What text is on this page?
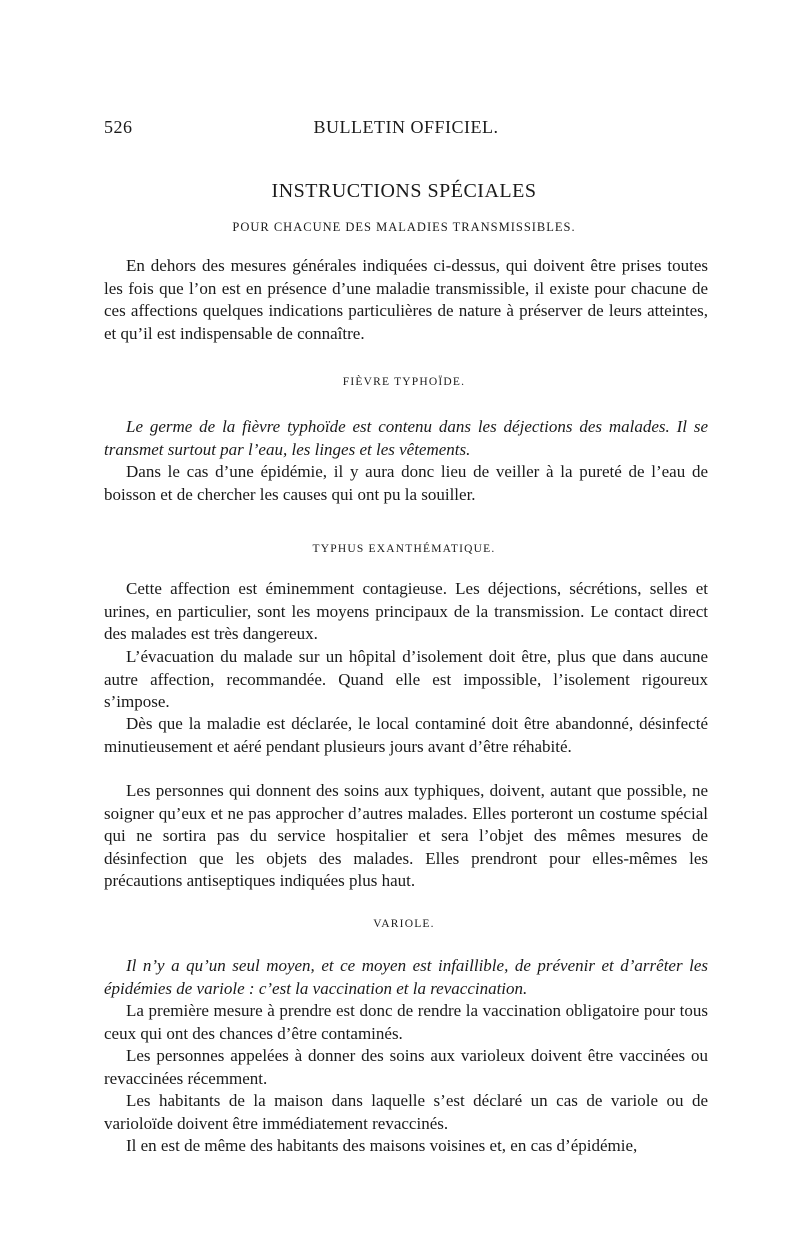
526	BULLETIN OFFICIEL.
INSTRUCTIONS SPÉCIALES
POUR CHACUNE DES MALADIES TRANSMISSIBLES.
En dehors des mesures générales indiquées ci-dessus, qui doivent être prises toutes les fois que l’on est en présence d’une maladie transmissible, il existe pour chacune de ces affections quelques indications particulières de nature à préserver de leurs atteintes, et qu’il est indispensable de connaître.
FIÈVRE TYPHOÏDE.
Le germe de la fièvre typhoïde est contenu dans les déjections des malades. Il se transmet surtout par l’eau, les linges et les vêtements.
Dans le cas d’une épidémie, il y aura donc lieu de veiller à la pureté de l’eau de boisson et de chercher les causes qui ont pu la souiller.
TYPHUS EXANTHÉMATIQUE.
Cette affection est éminemment contagieuse. Les déjections, sécrétions, selles et urines, en particulier, sont les moyens principaux de la transmission. Le contact direct des malades est très dangereux.
L’évacuation du malade sur un hôpital d’isolement doit être, plus que dans aucune autre affection, recommandée. Quand elle est impossible, l’isolement rigoureux s’impose.
Dès que la maladie est déclarée, le local contaminé doit être abandonné, désinfecté minutieusement et aéré pendant plusieurs jours avant d’être réhabité.
Les personnes qui donnent des soins aux typhiques, doivent, autant que possible, ne soigner qu’eux et ne pas approcher d’autres malades. Elles porteront un costume spécial qui ne sortira pas du service hospitalier et sera l’objet des mêmes mesures de désinfection que les objets des malades. Elles prendront pour elles-mêmes les précautions antiseptiques indiquées plus haut.
VARIOLE.
Il n’y a qu’un seul moyen, et ce moyen est infaillible, de prévenir et d’arrêter les épidémies de variole : c’est la vaccination et la revaccination.
La première mesure à prendre est donc de rendre la vaccination obligatoire pour tous ceux qui ont des chances d’être contaminés.
Les personnes appelées à donner des soins aux varioleux doivent être vaccinées ou revaccinées récemment.
Les habitants de la maison dans laquelle s’est déclaré un cas de variole ou de varioloïde doivent être immédiatement revaccinés.
Il en est de même des habitants des maisons voisines et, en cas d’épidémie,
